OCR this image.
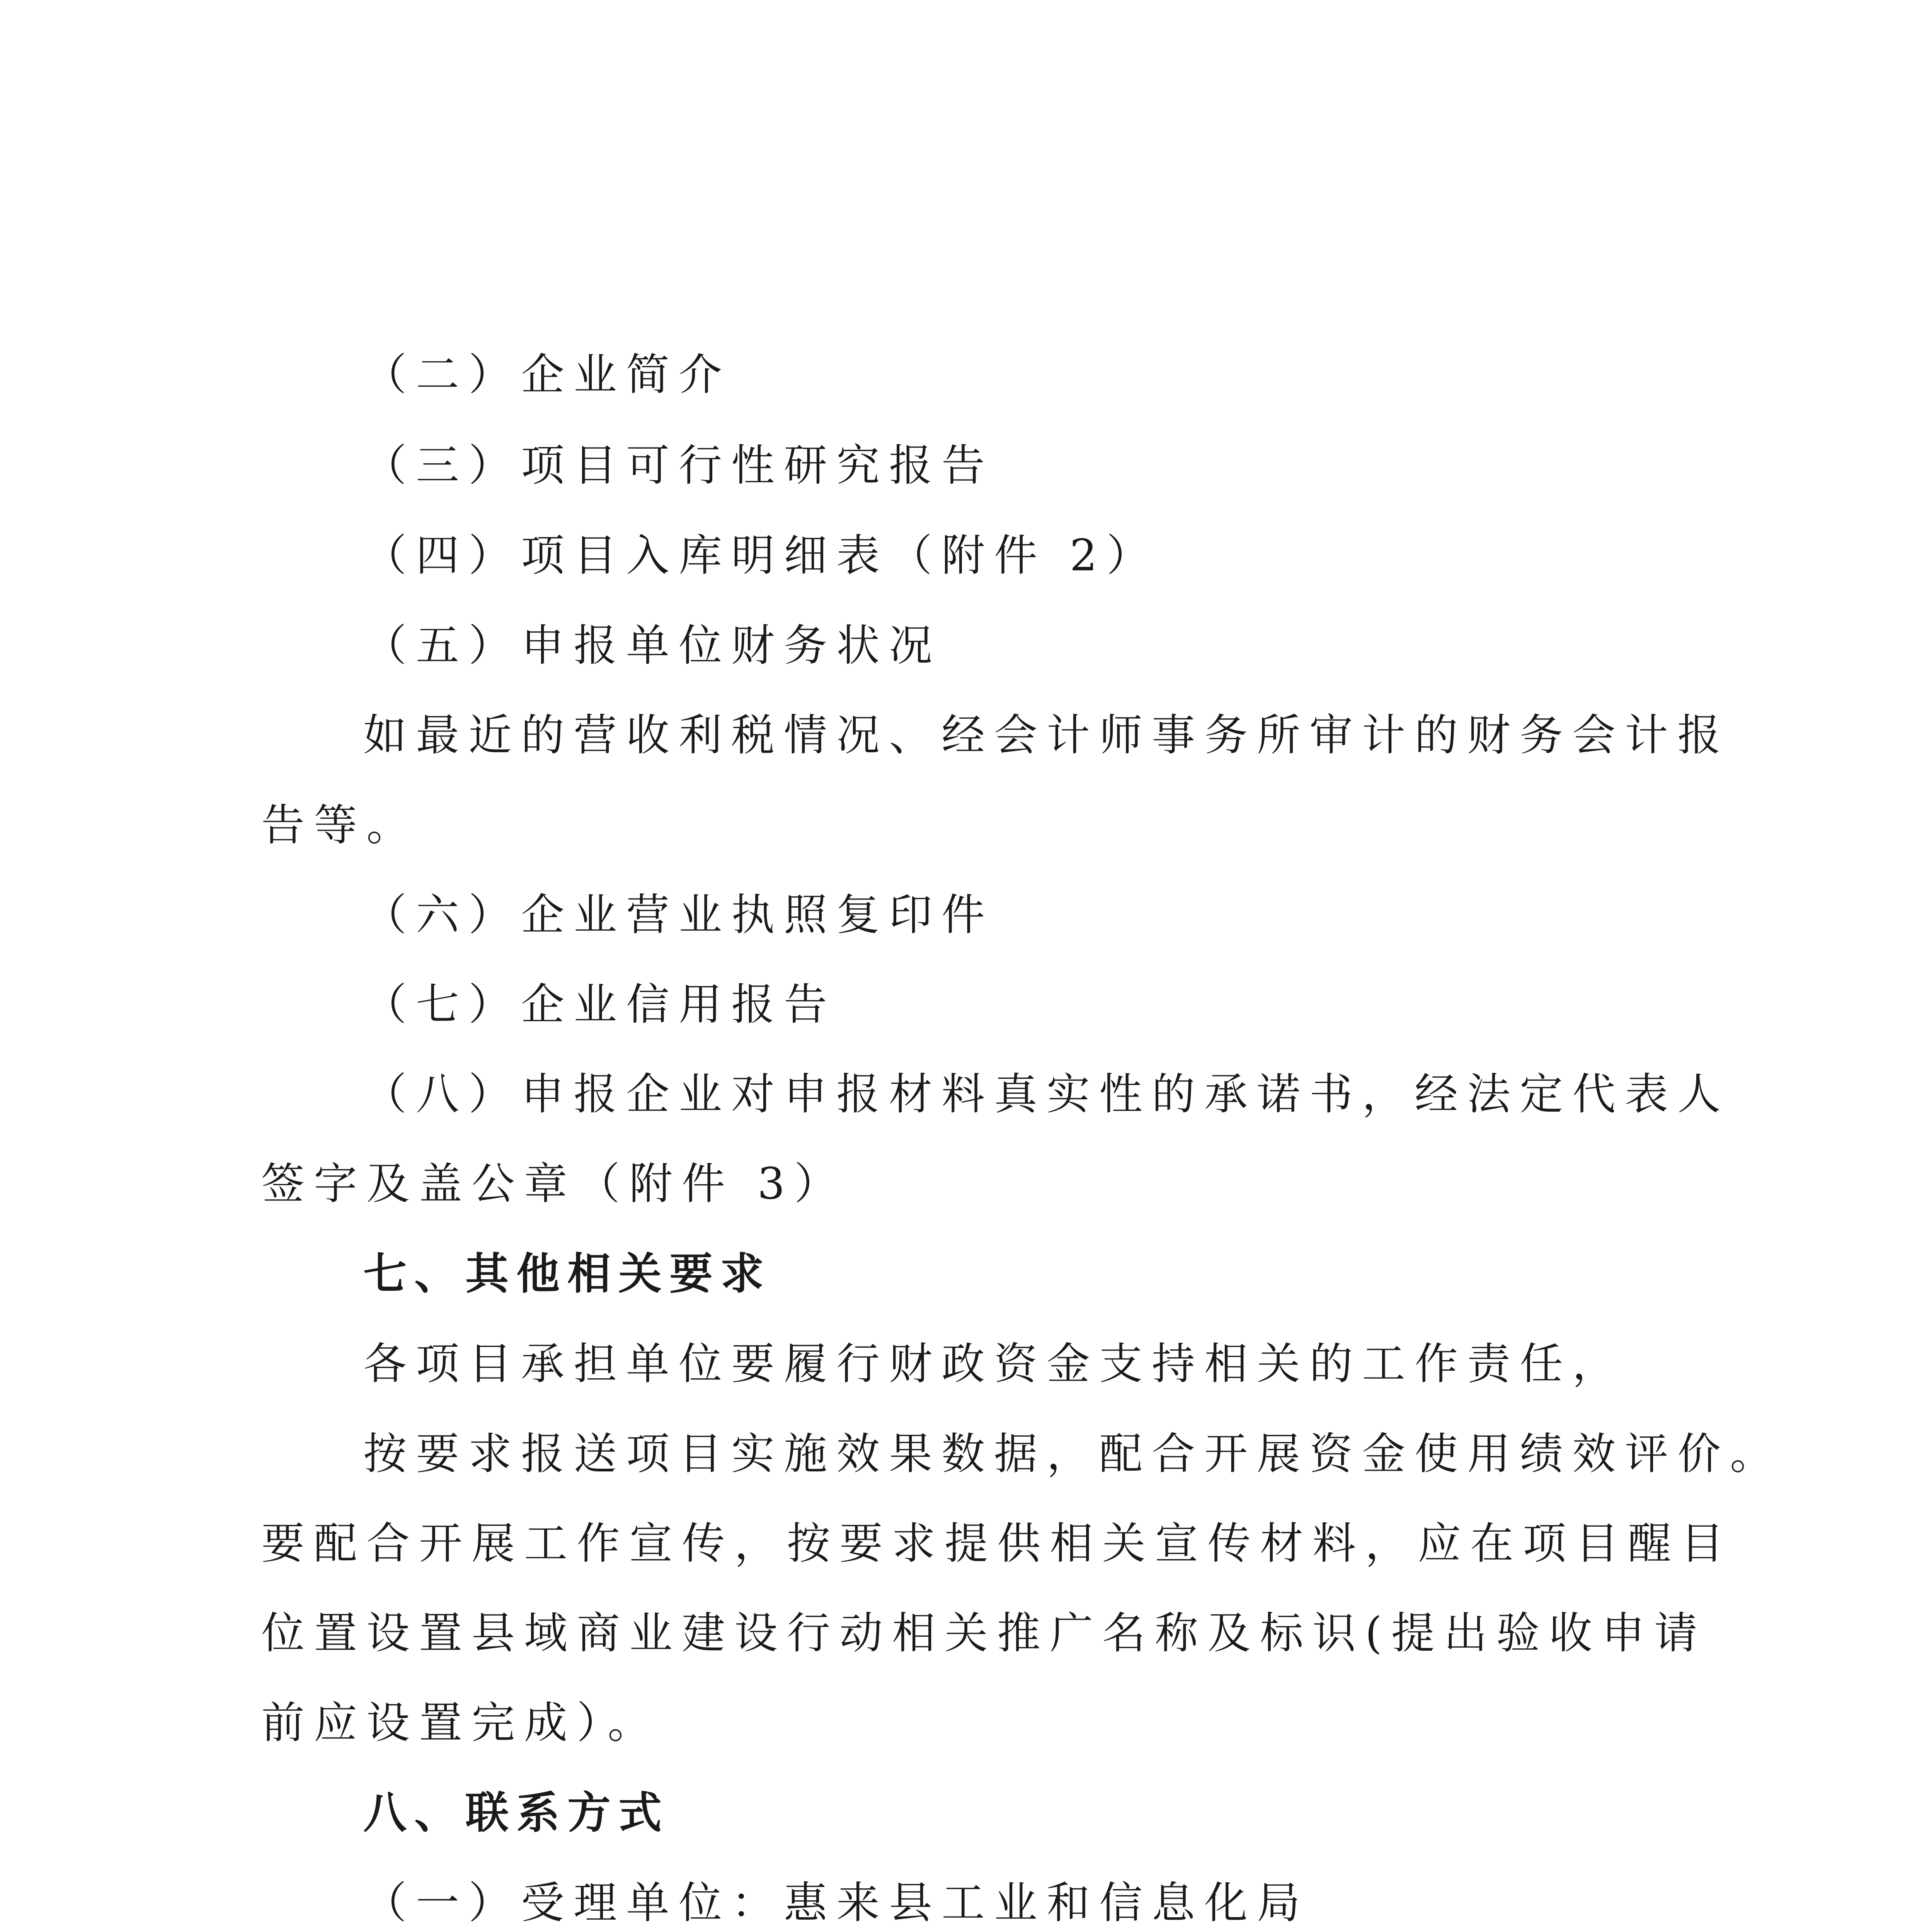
（二）企业简介
（三）项目可行性研究报告
（四）项目入库明细表（附件 2）
（五）申报单位财务状况
如最近的营收利税情况、经会计师事务所审计的财务会计报
告等。
（六）企业营业执照复印件
（七）企业信用报告
（八）申报企业对申报材料真实性的承诺书，经法定代表人
签字及盖公章（附件 3）
七、其他相关要求
各项目承担单位要履行财政资金支持相关的工作责任，
按要求报送项目实施效果数据，配合开展资金使用绩效评价。
要配合开展工作宣传，按要求提供相关宣传材料，应在项目醒目
位置设置县域商业建设行动相关推广名称及标识(提出验收申请
前应设置完成）。
八、联系方式
（一）受理单位：惠来县工业和信息化局
